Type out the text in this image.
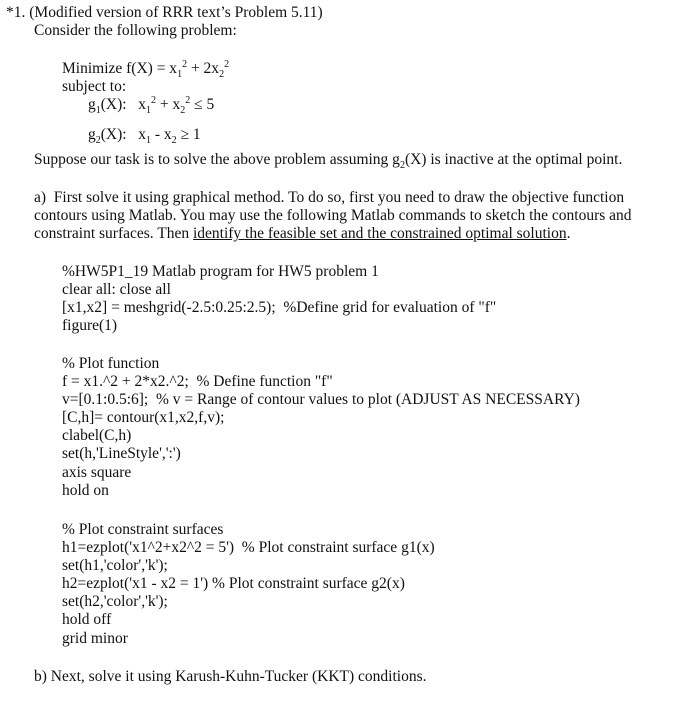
*1. (Modified version of RRR text’s Problem 5.11)
Consider the following problem:
Minimize $f(X) = x_1^2 + 2x_2^2$
subject to:
$g_1(X)$:   $x_1^2 + x_2^2 \le 5$
$g_2(X)$:   $x_1 - x_2 \ge 1$
Suppose our task is to solve the above problem assuming $g_2(X)$ is inactive at the optimal point.
a)  First solve it using graphical method. To do so, first you need to draw the objective function
contours using Matlab. You may use the following Matlab commands to sketch the contours and
constraint surfaces. Then identify the feasible set and the constrained optimal solution.
%HW5P1_19 Matlab program for HW5 problem 1
clear all: close all
[x1,x2] = meshgrid(-2.5:0.25:2.5);  %Define grid for evaluation of "f"
figure(1)
% Plot function
f = x1.^2 + 2*x2.^2;  % Define function "f"
v=[0.1:0.5:6];  % v = Range of contour values to plot (ADJUST AS NECESSARY)
[C,h]= contour(x1,x2,f,v);
clabel(C,h)
set(h,'LineStyle',':')
axis square
hold on
% Plot constraint surfaces
h1=ezplot('x1^2+x2^2 = 5')  % Plot constraint surface g1(x)
set(h1,'color','k');
h2=ezplot('x1 - x2 = 1') % Plot constraint surface g2(x)
set(h2,'color','k');
hold off
grid minor
b) Next, solve it using Karush-Kuhn-Tucker (KKT) conditions.
